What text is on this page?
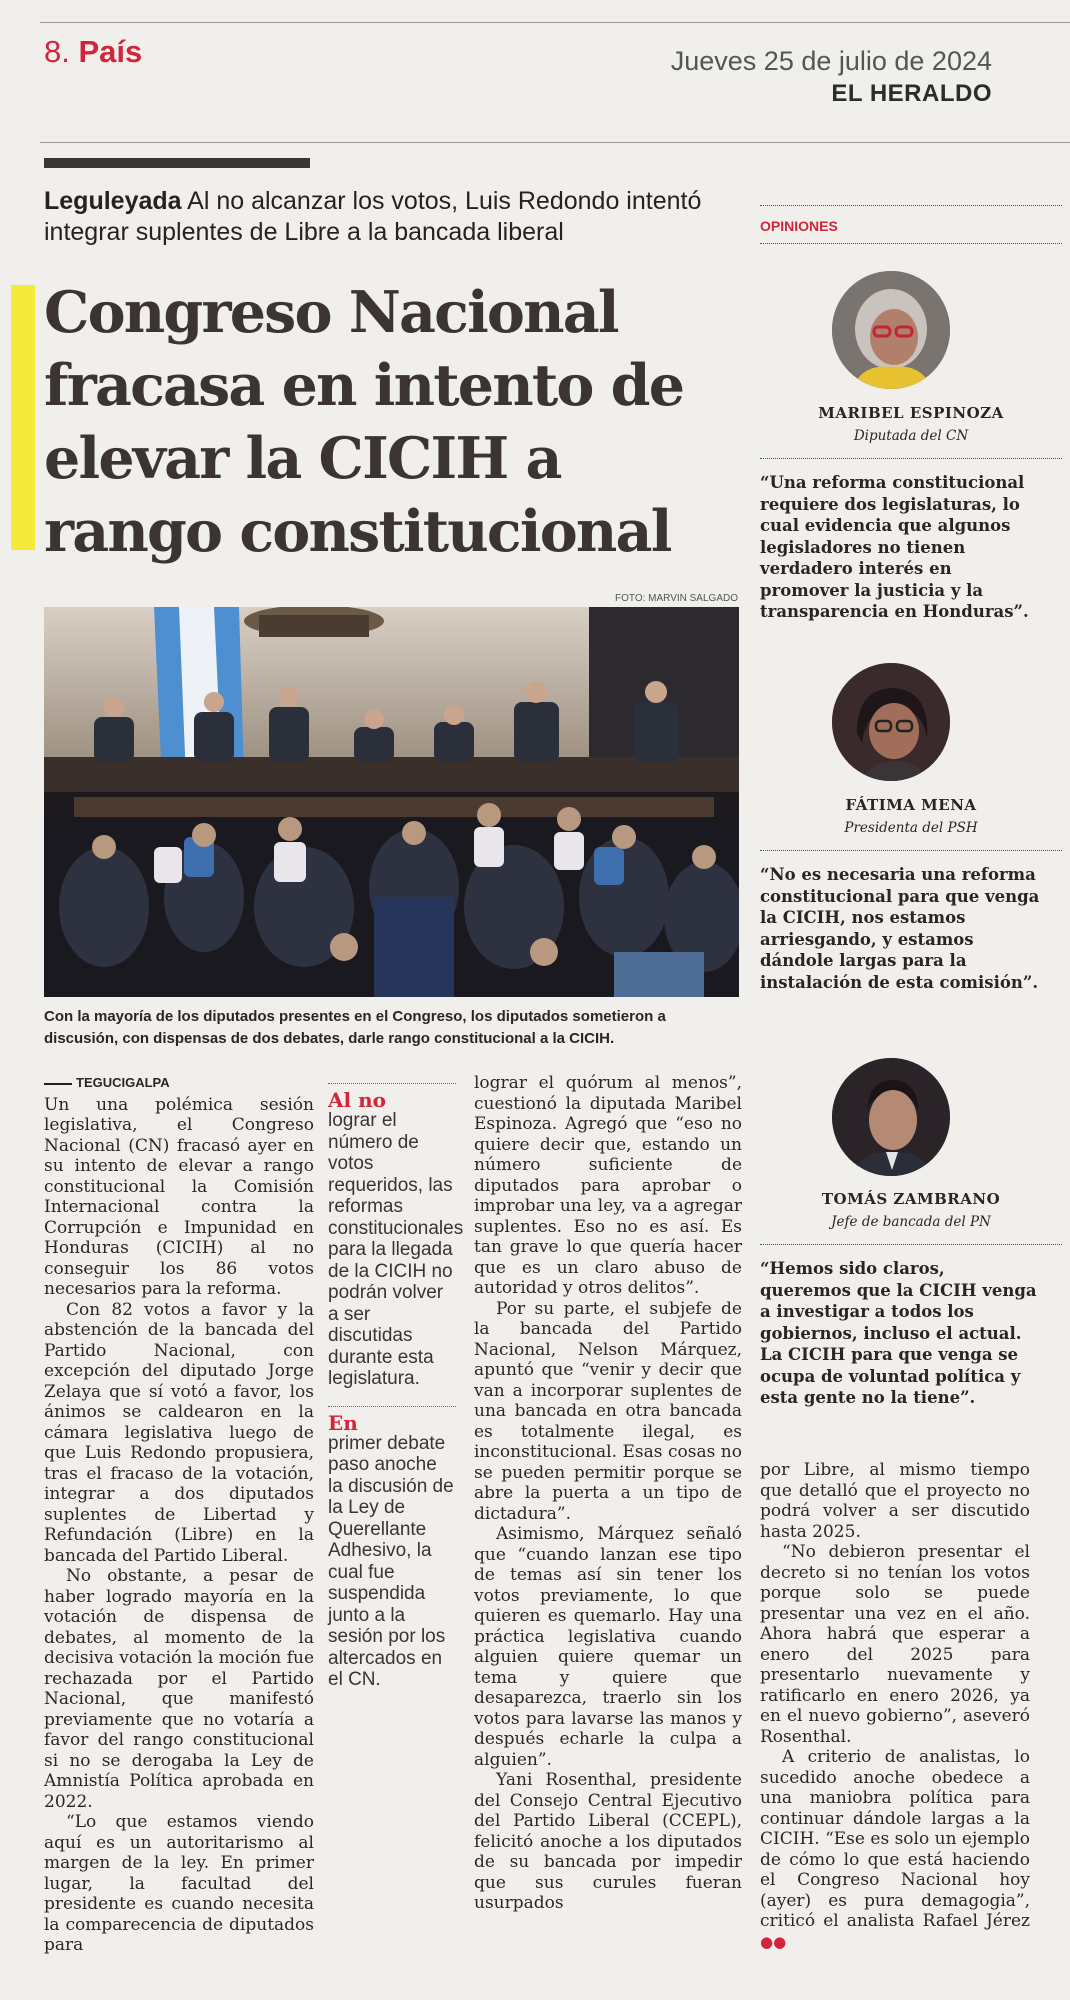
8. País	Jueves 25 de julio de 2024
EL HERALDO
Leguleyada Al no alcanzar los votos, Luis Redondo intentó integrar suplentes de Libre a la bancada liberal
Congreso Nacional fracasa en intento de elevar la CICIH a rango constitucional
FOTO: MARVIN SALGADO
Con la mayoría de los diputados presentes en el Congreso, los diputados sometieron a discusión, con dispensas de dos debates, darle rango constitucional a la CICIH.
TEGUCIGALPA

Un una polémica sesión legislativa, el Congreso Nacional (CN) fracasó ayer en su intento de elevar a rango constitucional la Comisión Internacional contra la Corrupción e Impunidad en Honduras (CICIH) al no conseguir los 86 votos necesarios para la reforma.

Con 82 votos a favor y la abstención de la bancada del Partido Nacional, con excepción del diputado Jorge Zelaya que sí votó a favor, los ánimos se caldearon en la cámara legislativa luego de que Luis Redondo propusiera, tras el fracaso de la votación, integrar a dos diputados suplentes de Libertad y Refundación (Libre) en la bancada del Partido Liberal.

No obstante, a pesar de haber logrado mayoría en la votación de dispensa de debates, al momento de la decisiva votación la moción fue rechazada por el Partido Nacional, que manifestó previamente que no votaría a favor del rango constitucional si no se derogaba la Ley de Amnistía Política aprobada en 2022.

“Lo que estamos viendo aquí es un autoritarismo al margen de la ley. En primer lugar, la facultad del presidente es cuando necesita la comparecencia de diputados para

Al no
lograr el número de votos requeridos, las reformas constitucionales para la llegada de la CICIH no podrán volver a ser discutidas durante esta legislatura.
En
primer debate paso anoche la discusión de la Ley de Querellante Adhesivo, la cual fue suspendida junto a la sesión por los altercados en el CN.

lograr el quórum al menos”, cuestionó la diputada Maribel Espinoza. Agregó que “eso no quiere decir que, estando un número suficiente de diputados para aprobar o improbar una ley, va a agregar suplentes. Eso no es así. Es tan grave lo que quería hacer que es un claro abuso de autoridad y otros delitos”.

Por su parte, el subjefe de la bancada del Partido Nacional, Nelson Márquez, apuntó que “venir y decir que van a incorporar suplentes de una bancada en otra bancada es totalmente ilegal, es inconstitucional. Esas cosas no se pueden permitir porque se abre la puerta a un tipo de dictadura”.

Asimismo, Márquez señaló que “cuando lanzan ese tipo de temas así sin tener los votos previamente, lo que quieren es quemarlo. Hay una práctica legislativa cuando alguien quiere quemar un tema y quiere que desaparezca, traerlo sin los votos para lavarse las manos y después echarle la culpa a alguien”.

Yani Rosenthal, presidente del Consejo Central Ejecutivo del Partido Liberal (CCEPL), felicitó anoche a los diputados de su bancada por impedir que sus curules fueran usurpados

por Libre, al mismo tiempo que detalló que el proyecto no podrá volver a ser discutido hasta 2025.

“No debieron presentar el decreto si no tenían los votos porque solo se puede presentar una vez en el año. Ahora habrá que esperar a enero del 2025 para presentarlo nuevamente y ratificarlo en enero 2026, ya en el nuevo gobierno”, aseveró Rosenthal.

A criterio de analistas, lo sucedido anoche obedece a una maniobra política para continuar dándole largas a la CICIH. “Ese es solo un ejemplo de cómo lo que está haciendo el Congreso Nacional hoy (ayer) es pura demagogia”, criticó el analista Rafael Jérez ●●

OPINIONES
MARIBEL ESPINOZA
Diputada del CN
“Una reforma constitucional requiere dos legislaturas, lo cual evidencia que algunos legisladores no tienen verdadero interés en promover la justicia y la transparencia en Honduras”.
FÁTIMA MENA
Presidenta del PSH
“No es necesaria una reforma constitucional para que venga la CICIH, nos estamos arriesgando, y estamos dándole largas para la instalación de esta comisión”.
TOMÁS ZAMBRANO
Jefe de bancada del PN
“Hemos sido claros, queremos que la CICIH venga a investigar a todos los gobiernos, incluso el actual. La CICIH para que venga se ocupa de voluntad política y esta gente no la tiene”.
